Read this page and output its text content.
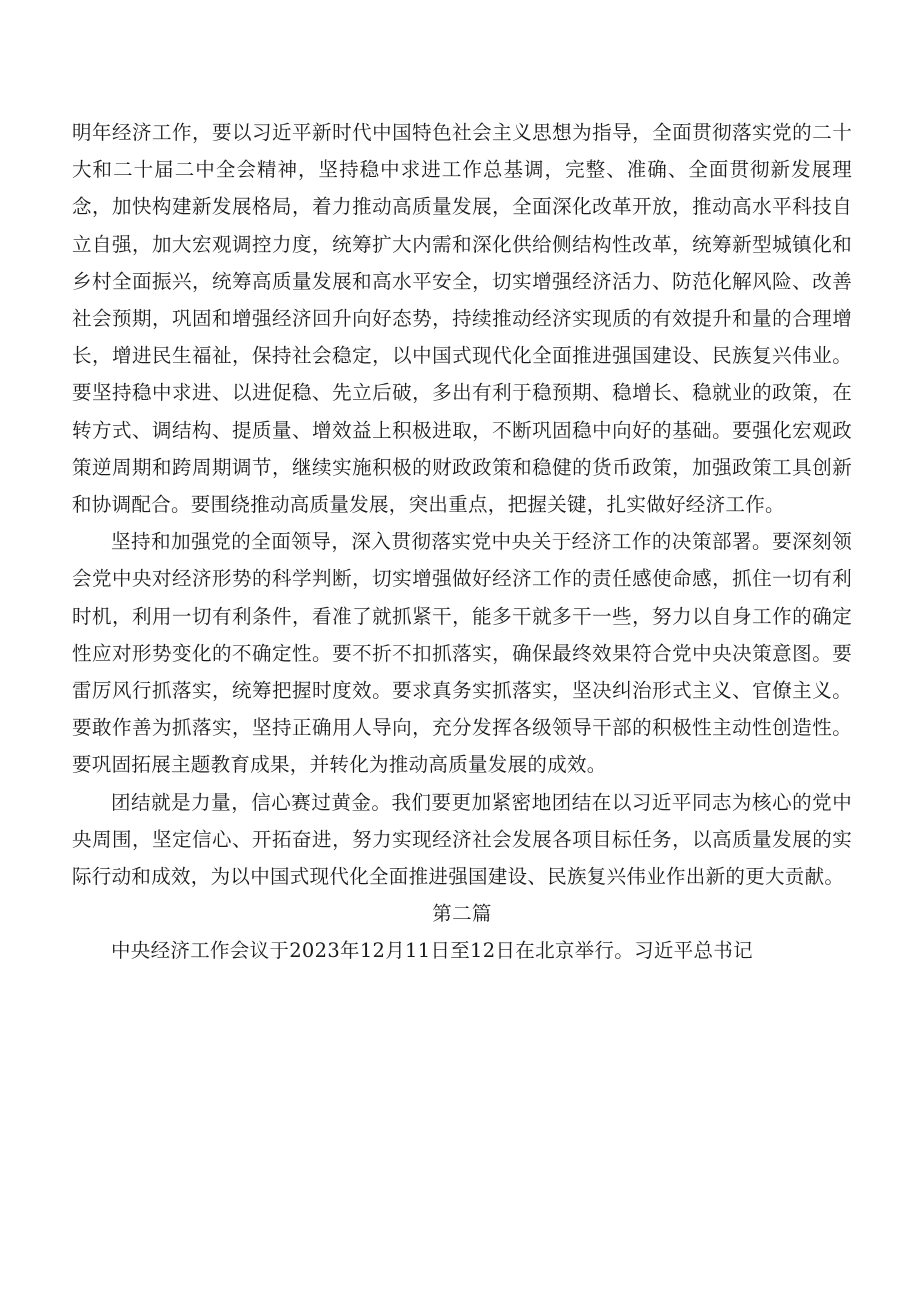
明年经济工作，要以习近平新时代中国特色社会主义思想为指导，全面贯彻落实党的二十大和二十届二中全会精神，坚持稳中求进工作总基调，完整、准确、全面贯彻新发展理念，加快构建新发展格局，着力推动高质量发展，全面深化改革开放，推动高水平科技自立自强，加大宏观调控力度，统筹扩大内需和深化供给侧结构性改革，统筹新型城镇化和乡村全面振兴，统筹高质量发展和高水平安全，切实增强经济活力、防范化解风险、改善社会预期，巩固和增强经济回升向好态势，持续推动经济实现质的有效提升和量的合理增长，增进民生福祉，保持社会稳定，以中国式现代化全面推进强国建设、民族复兴伟业。要坚持稳中求进、以进促稳、先立后破，多出有利于稳预期、稳增长、稳就业的政策，在转方式、调结构、提质量、增效益上积极进取，不断巩固稳中向好的基础。要强化宏观政策逆周期和跨周期调节，继续实施积极的财政政策和稳健的货币政策，加强政策工具创新和协调配合。要围绕推动高质量发展，突出重点，把握关键，扎实做好经济工作。

坚持和加强党的全面领导，深入贯彻落实党中央关于经济工作的决策部署。要深刻领会党中央对经济形势的科学判断，切实增强做好经济工作的责任感使命感，抓住一切有利时机，利用一切有利条件，看准了就抓紧干，能多干就多干一些，努力以自身工作的确定性应对形势变化的不确定性。要不折不扣抓落实，确保最终效果符合党中央决策意图。要雷厉风行抓落实，统筹把握时度效。要求真务实抓落实，坚决纠治形式主义、官僚主义。要敢作善为抓落实，坚持正确用人导向，充分发挥各级领导干部的积极性主动性创造性。要巩固拓展主题教育成果，并转化为推动高质量发展的成效。

团结就是力量，信心赛过黄金。我们要更加紧密地团结在以习近平同志为核心的党中央周围，坚定信心、开拓奋进，努力实现经济社会发展各项目标任务，以高质量发展的实际行动和成效，为以中国式现代化全面推进强国建设、民族复兴伟业作出新的更大贡献。

第二篇

中央经济工作会议于2023年12月11日至12日在北京举行。习近平总书记
